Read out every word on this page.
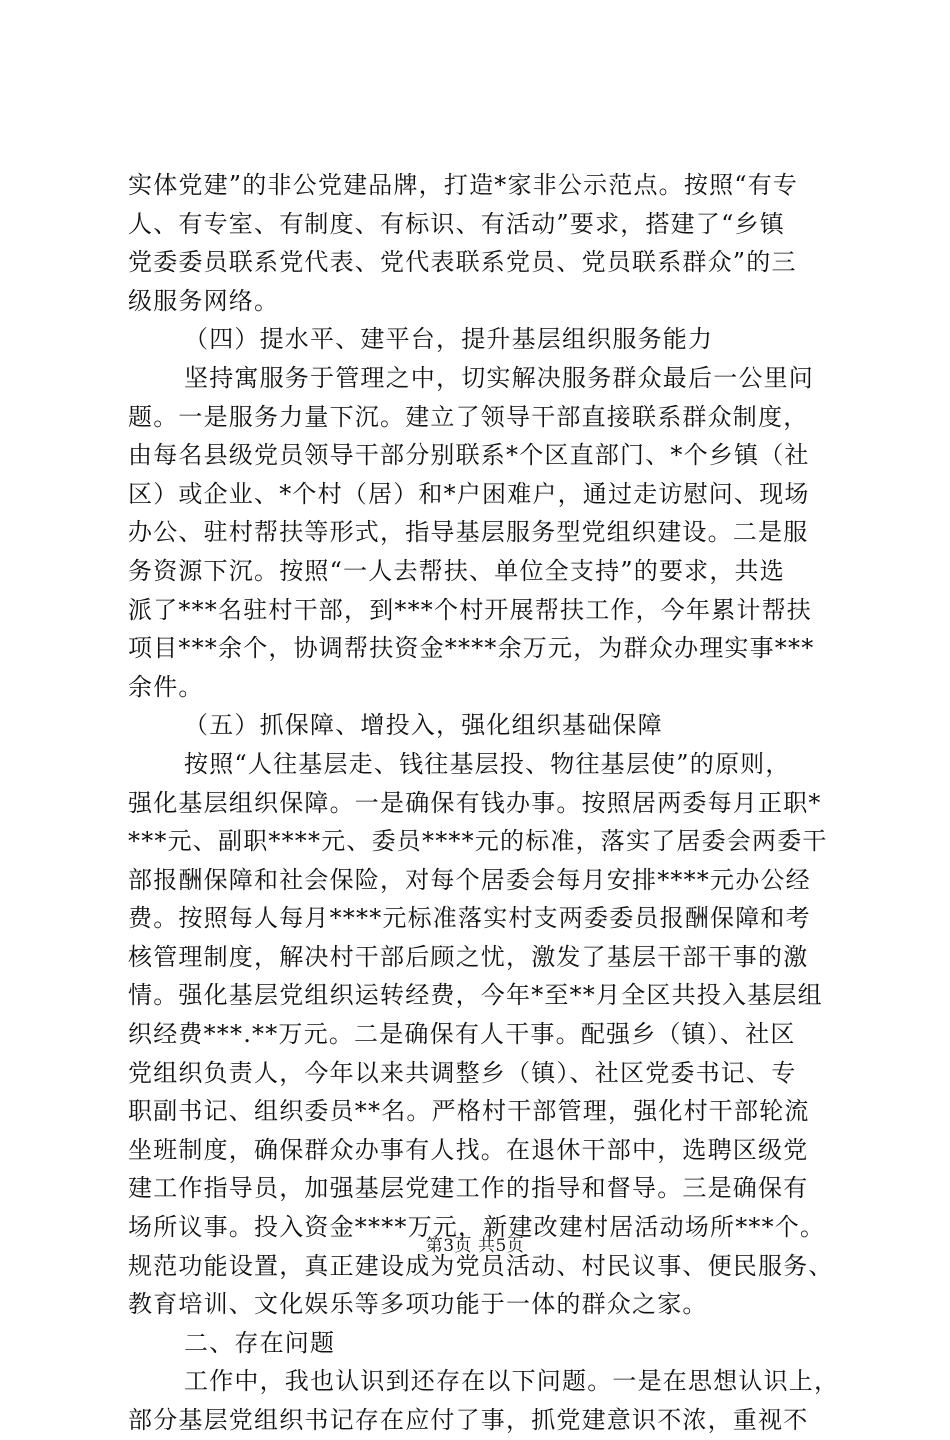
实体党建”的非公党建品牌，打造*家非公示范点。按照“有专
人、有专室、有制度、有标识、有活动”要求，搭建了“乡镇
党委委员联系党代表、党代表联系党员、党员联系群众”的三
级服务网络。
（四）提水平、建平台，提升基层组织服务能力
坚持寓服务于管理之中，切实解决服务群众最后一公里问
题。一是服务力量下沉。建立了领导干部直接联系群众制度，
由每名县级党员领导干部分别联系*个区直部门、*个乡镇（社
区）或企业、*个村（居）和*户困难户，通过走访慰问、现场
办公、驻村帮扶等形式，指导基层服务型党组织建设。二是服
务资源下沉。按照“一人去帮扶、单位全支持”的要求，共选
派了***名驻村干部，到***个村开展帮扶工作，今年累计帮扶
项目***余个，协调帮扶资金****余万元，为群众办理实事***
余件。
（五）抓保障、增投入，强化组织基础保障
按照“人往基层走、钱往基层投、物往基层使”的原则，
强化基层组织保障。一是确保有钱办事。按照居两委每月正职*
***元、副职****元、委员****元的标准，落实了居委会两委干
部报酬保障和社会保险，对每个居委会每月安排****元办公经
费。按照每人每月****元标准落实村支两委委员报酬保障和考
核管理制度，解决村干部后顾之忧，激发了基层干部干事的激
情。强化基层党组织运转经费，今年*至**月全区共投入基层组
织经费***.**万元。二是确保有人干事。配强乡（镇）、社区
党组织负责人，今年以来共调整乡（镇）、社区党委书记、专
职副书记、组织委员**名。严格村干部管理，强化村干部轮流
坐班制度，确保群众办事有人找。在退休干部中，选聘区级党
建工作指导员，加强基层党建工作的指导和督导。三是确保有
场所议事。投入资金****万元，新建改建村居活动场所***个。
规范功能设置，真正建设成为党员活动、村民议事、便民服务、
教育培训、文化娱乐等多项功能于一体的群众之家。
二、存在问题
工作中，我也认识到还存在以下问题。一是在思想认识上，
部分基层党组织书记存在应付了事，抓党建意识不浓，重视不
第3页 共5页
